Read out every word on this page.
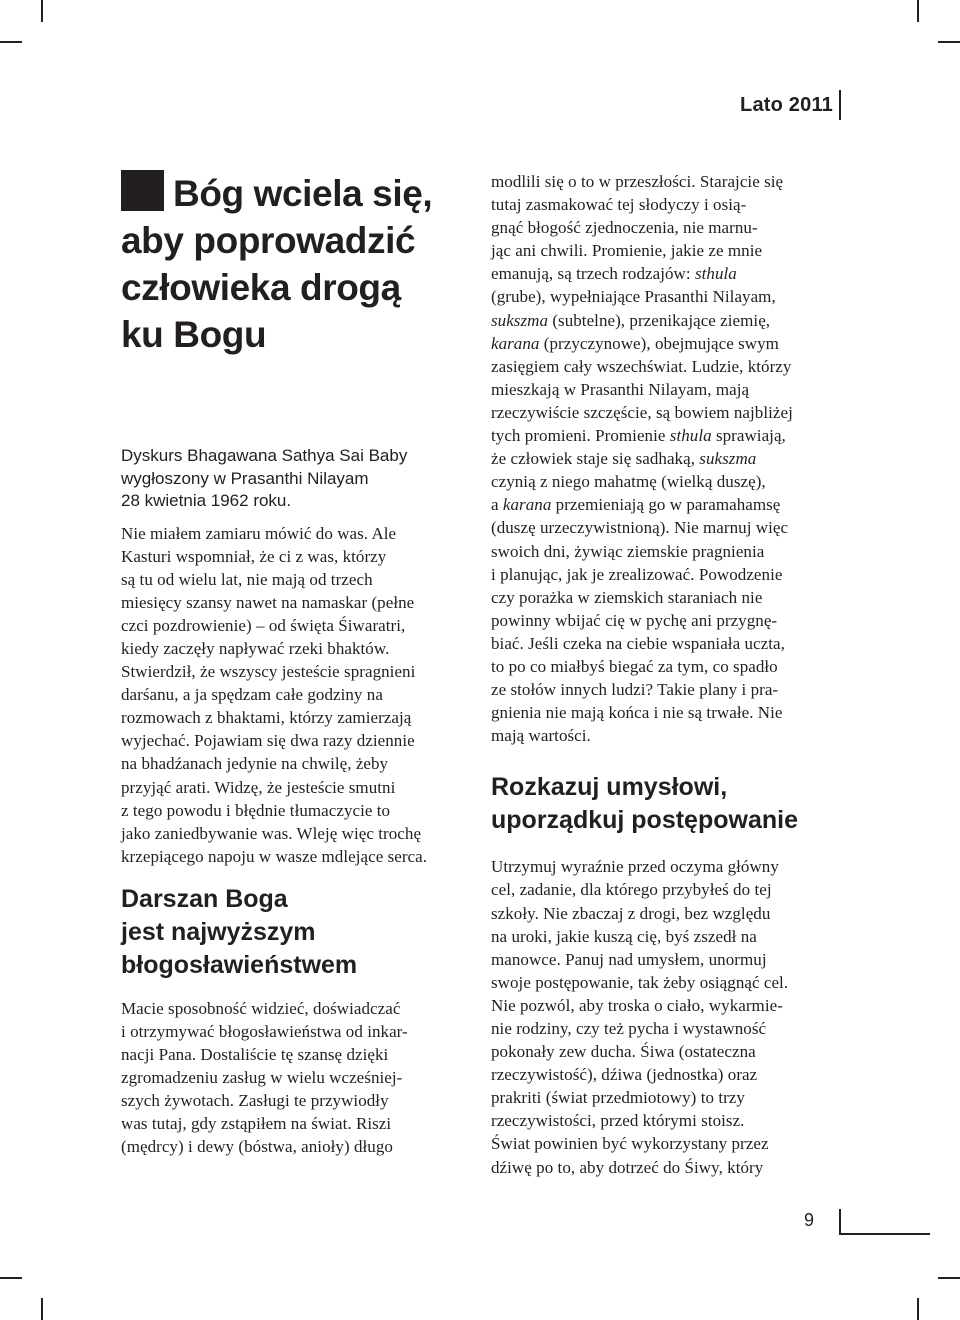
Lato 2011
Bóg wciela się,
aby poprowadzić
człowieka drogą
ku Bogu
Dyskurs Bhagawana Sathya Sai Baby
wygłoszony w Prasanthi Nilayam
28 kwietnia 1962 roku.

Nie miałem zamiaru mówić do was. Ale
Kasturi wspomniał, że ci z was, którzy
są tu od wielu lat, nie mają od trzech
miesięcy szansy nawet na namaskar (pełne
czci pozdrowienie) – od święta Śiwaratri,
kiedy zaczęły napływać rzeki bhaktów.
Stwierdził, że wszyscy jesteście spragnieni
darśanu, a ja spędzam całe godziny na
rozmowach z bhaktami, którzy zamierzają
wyjechać. Pojawiam się dwa razy dziennie
na bhadźanach jedynie na chwilę, żeby
przyjąć arati. Widzę, że jesteście smutni
z tego powodu i błędnie tłumaczycie to
jako zaniedbywanie was. Wleję więc trochę
krzepiącego napoju w wasze mdlejące serca.

Darszan Boga
jest najwyższym
błogosławieństwem

Macie sposobność widzieć, doświadczać
i otrzymywać błogosławieństwa od inkar-
nacji Pana. Dostaliście tę szansę dzięki
zgromadzeniu zasług w wielu wcześniej-
szych żywotach. Zasługi te przywiodły
was tutaj, gdy zstąpiłem na świat. Riszi
(mędrcy) i dewy (bóstwa, anioły) długo

modlili się o to w przeszłości. Starajcie się
tutaj zasmakować tej słodyczy i osią-
gnąć błogość zjednoczenia, nie marnu-
jąc ani chwili. Promienie, jakie ze mnie
emanują, są trzech rodzajów: sthula
(grube), wypełniające Prasanthi Nilayam,
sukszma (subtelne), przenikające ziemię,
karana (przyczynowe), obejmujące swym
zasięgiem cały wszechświat. Ludzie, którzy
mieszkają w Prasanthi Nilayam, mają
rzeczywiście szczęście, są bowiem najbliżej
tych promieni. Promienie sthula sprawiają,
że człowiek staje się sadhaką, sukszma
czynią z niego mahatmę (wielką duszę),
a karana przemieniają go w paramahamsę
(duszę urzeczywistnioną). Nie marnuj więc
swoich dni, żywiąc ziemskie pragnienia
i planując, jak je zrealizować. Powodzenie
czy porażka w ziemskich staraniach nie
powinny wbijać cię w pychę ani przygnę-
biać. Jeśli czeka na ciebie wspaniała uczta,
to po co miałbyś biegać za tym, co spadło
ze stołów innych ludzi? Takie plany i pra-
gnienia nie mają końca i nie są trwałe. Nie
mają wartości.

Rozkazuj umysłowi,
uporządkuj postępowanie

Utrzymuj wyraźnie przed oczyma główny
cel, zadanie, dla którego przybyłeś do tej
szkoły. Nie zbaczaj z drogi, bez względu
na uroki, jakie kuszą cię, byś zszedł na
manowce. Panuj nad umysłem, unormuj
swoje postępowanie, tak żeby osiągnąć cel.
Nie pozwól, aby troska o ciało, wykarmie-
nie rodziny, czy też pycha i wystawność
pokonały zew ducha. Śiwa (ostateczna
rzeczywistość), dźiwa (jednostka) oraz
prakriti (świat przedmiotowy) to trzy
rzeczywistości, przed którymi stoisz.
Świat powinien być wykorzystany przez
dźiwę po to, aby dotrzeć do Śiwy, który

9
